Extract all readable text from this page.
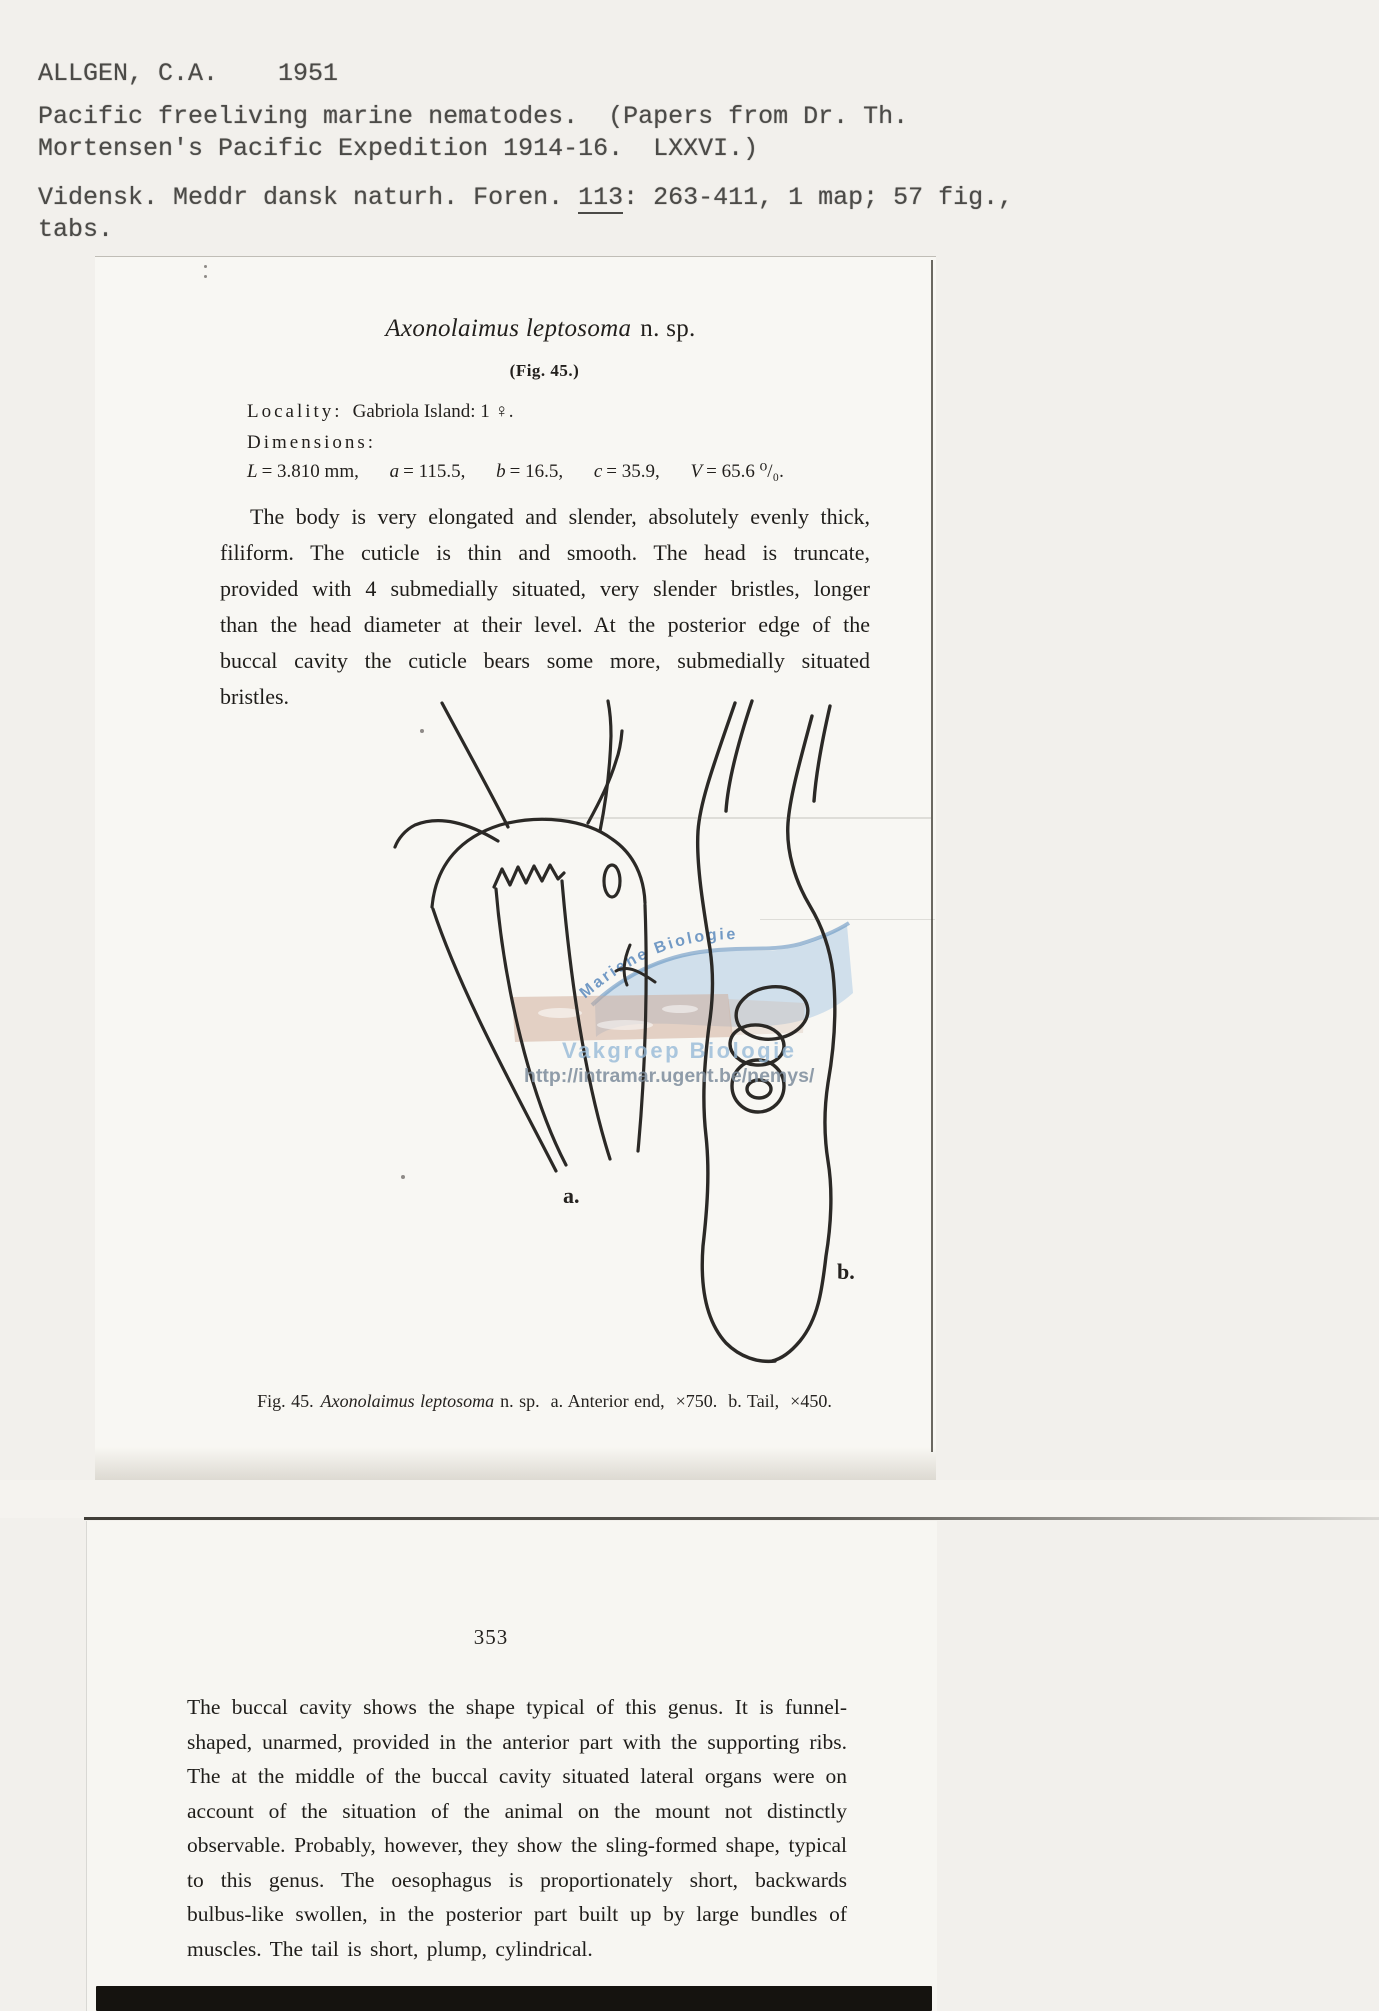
ALLGEN, C.A.    1951
Pacific freeliving marine nematodes.  (Papers from Dr. Th.
Mortensen's Pacific Expedition 1914-16.  LXXVI.)
Vidensk. Meddr dansk naturh. Foren. 113: 263-411, 1 map; 57 fig.,
tabs.
Axonolaimus leptosoma n. sp.
(Fig. 45.)
Locality: Gabriola Island: 1 ♀.
Dimensions:
L = 3.810 mm, a = 115.5, b = 16.5, c = 35.9, V = 65.6 ⁰/₀.
The body is very elongated and slender, absolutely evenly thick, filiform. The cuticle is thin and smooth. The head is truncate, provided with 4 submedially situated, very slender bristles, longer than the head diameter at their level. At the posterior edge of the buccal cavity the cuticle bears some more, submedially situated bristles.
Mariene Biologie
a.
b.
Vakgroep Biologie
http://intramar.ugent.be/nemys/
Fig. 45. Axonolaimus leptosoma n. sp.  a. Anterior end,  ×750.  b. Tail,  ×450.
353
The buccal cavity shows the shape typical of this genus. It is funnel-shaped, unarmed, provided in the anterior part with the supporting ribs. The at the middle of the buccal cavity situated lateral organs were on account of the situation of the animal on the mount not distinctly observable. Probably, however, they show the sling-formed shape, typical to this genus. The oesophagus is proportionately short, backwards bulbus-like swollen, in the posterior part built up by large bundles of muscles. The tail is short, plump, cylindrical.
